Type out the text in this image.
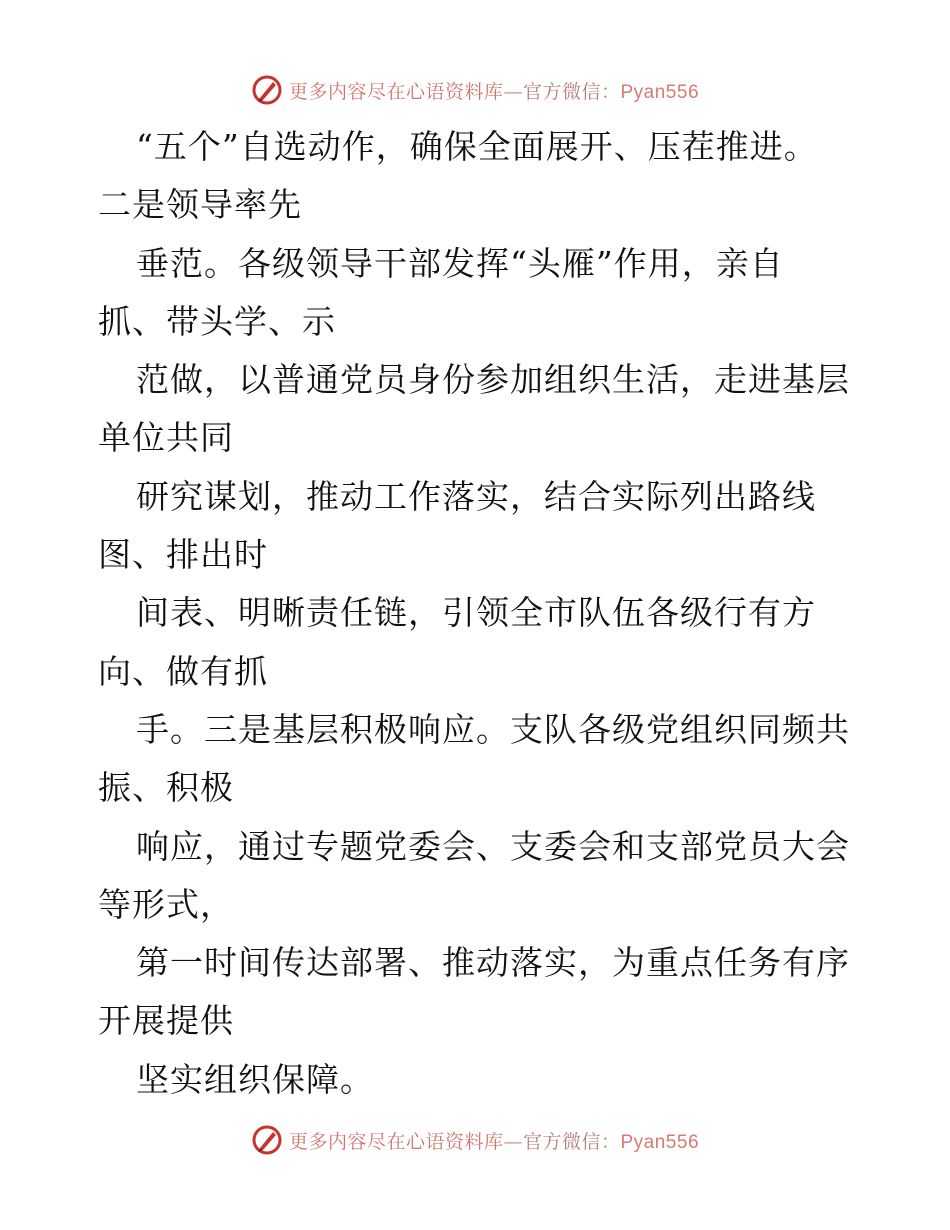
更多内容尽在心语资料库—官方微信：Pyan556
“五个”自选动作，确保全面展开、压茬推进。
二是领导率先
垂范。各级领导干部发挥“头雁”作用，亲自
抓、带头学、示
范做，以普通党员身份参加组织生活，走进基层
单位共同
研究谋划，推动工作落实，结合实际列出路线
图、排出时
间表、明晰责任链，引领全市队伍各级行有方
向、做有抓
手。三是基层积极响应。支队各级党组织同频共
振、积极
响应，通过专题党委会、支委会和支部党员大会
等形式，
第一时间传达部署、推动落实，为重点任务有序
开展提供
坚实组织保障。
更多内容尽在心语资料库—官方微信：Pyan556
